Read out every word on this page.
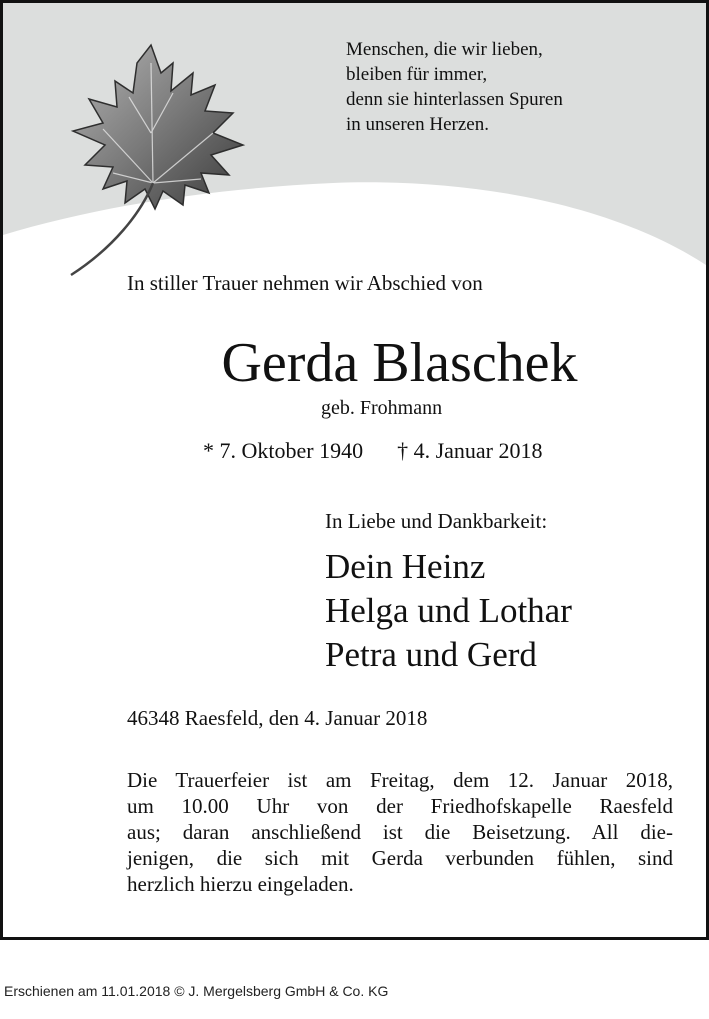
Menschen, die wir lieben,
bleiben für immer,
denn sie hinterlassen Spuren
in unseren Herzen.
In stiller Trauer nehmen wir Abschied von
Gerda Blaschek
geb. Frohmann
* 7. Oktober 1940 † 4. Januar 2018
In Liebe und Dankbarkeit:
Dein Heinz
Helga und Lothar
Petra und Gerd
46348 Raesfeld, den 4. Januar 2018
Die Trauerfeier ist am Freitag, dem 12. Januar 2018,
um 10.00 Uhr von der Friedhofskapelle Raesfeld
aus; daran anschließend ist die Beisetzung. All die-
jenigen, die sich mit Gerda verbunden fühlen, sind
herzlich hierzu eingeladen.
Erschienen am 11.01.2018 © J. Mergelsberg GmbH & Co. KG
